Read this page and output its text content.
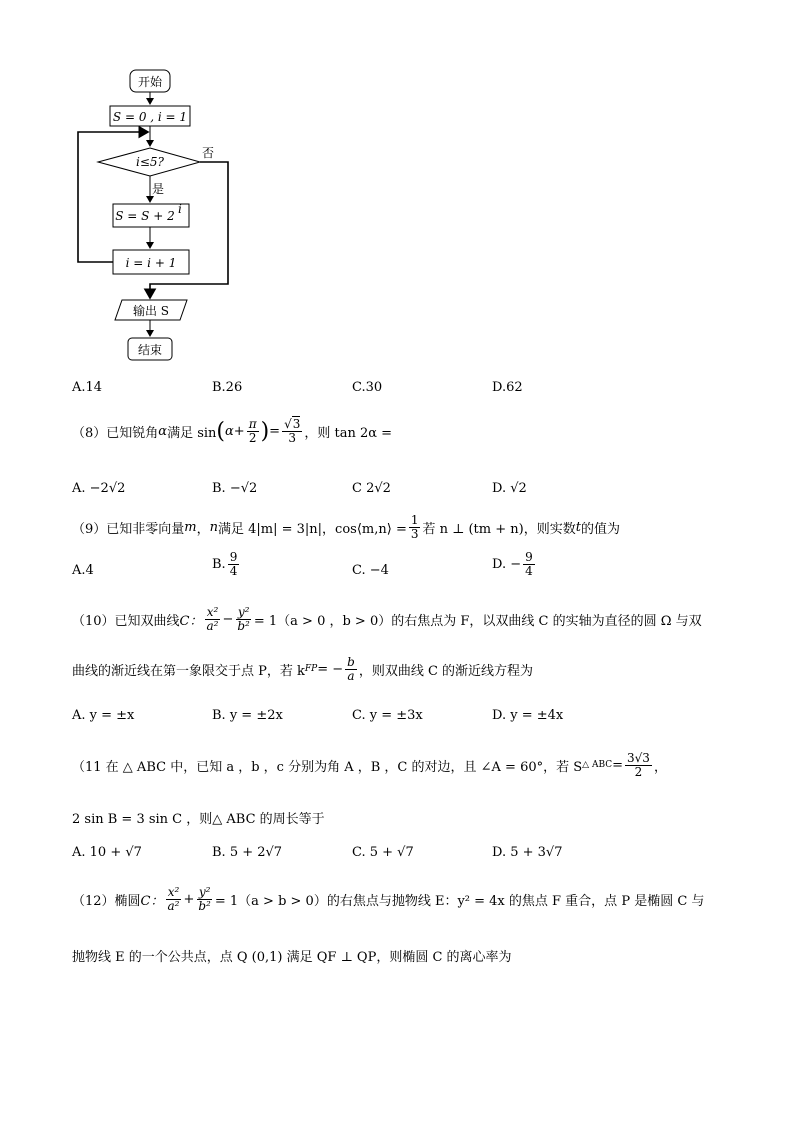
开始
S = 0 , i = 1
i≤5?
否
是
S = S + 2 i
i = i + 1
输出 S
结束
A.14	B.26	C.30	D.62
（8）已知锐角 α 满足 sin ( $\alpha + \frac{\pi}{2}$ ) = $\frac{√3}{3}$ ，则 tan 2α =
A. −2√2	B. −√2	C 2√2	D. √2
（9）已知非零向量 m ， n 满足 4|m| = 3|n|，cos⟨m,n⟩ = $\frac{1}{3}$ 若 n ⊥ (tm + n)，则实数 t 的值为
A.4	B. $\frac{9}{4}$	C. −4	D. − $\frac{9}{4}$
（10）已知双曲线 C： $\frac{\text{x²}}{\text{a²}} - \frac{\text{y²}}{\text{b²}} = 1(a > 0$ ，b > 0）的右焦点为 F，以双曲线 C 的实轴为直径的圆 Ω 与双
曲线的渐近线在第一象限交于点 P，若 k FP = − $\frac{b}{a}$ ，则双曲线 C 的渐近线方程为
A. y = ±x	B. y = ±2x	C. y = ±3x	D. y = ±4x
（11 在 △ ABC 中，已知 a ，b ，c 分别为角 A ，B ，C 的对边，且 ∠A = 60°，若 S △ ABC = $\frac{3√3}{2}$ ，
2 sin B = 3 sin C ，则△ ABC 的周长等于
A. 10 + √7	B. 5 + 2√7	C. 5 + √7	D. 5 + 3√7
（12）椭圆 C： $\frac{\text{x²}}{\text{a²}} + \frac{\text{y²}}{\text{b²}} = 1(a > b > 0)$的右焦点与抛物线 E：y² = 4x 的焦点 F 重合，点 P 是椭圆 C 与
抛物线 E 的一个公共点，点 Q (0,1) 满足 QF ⊥ QP，则椭圆 C 的离心率为
